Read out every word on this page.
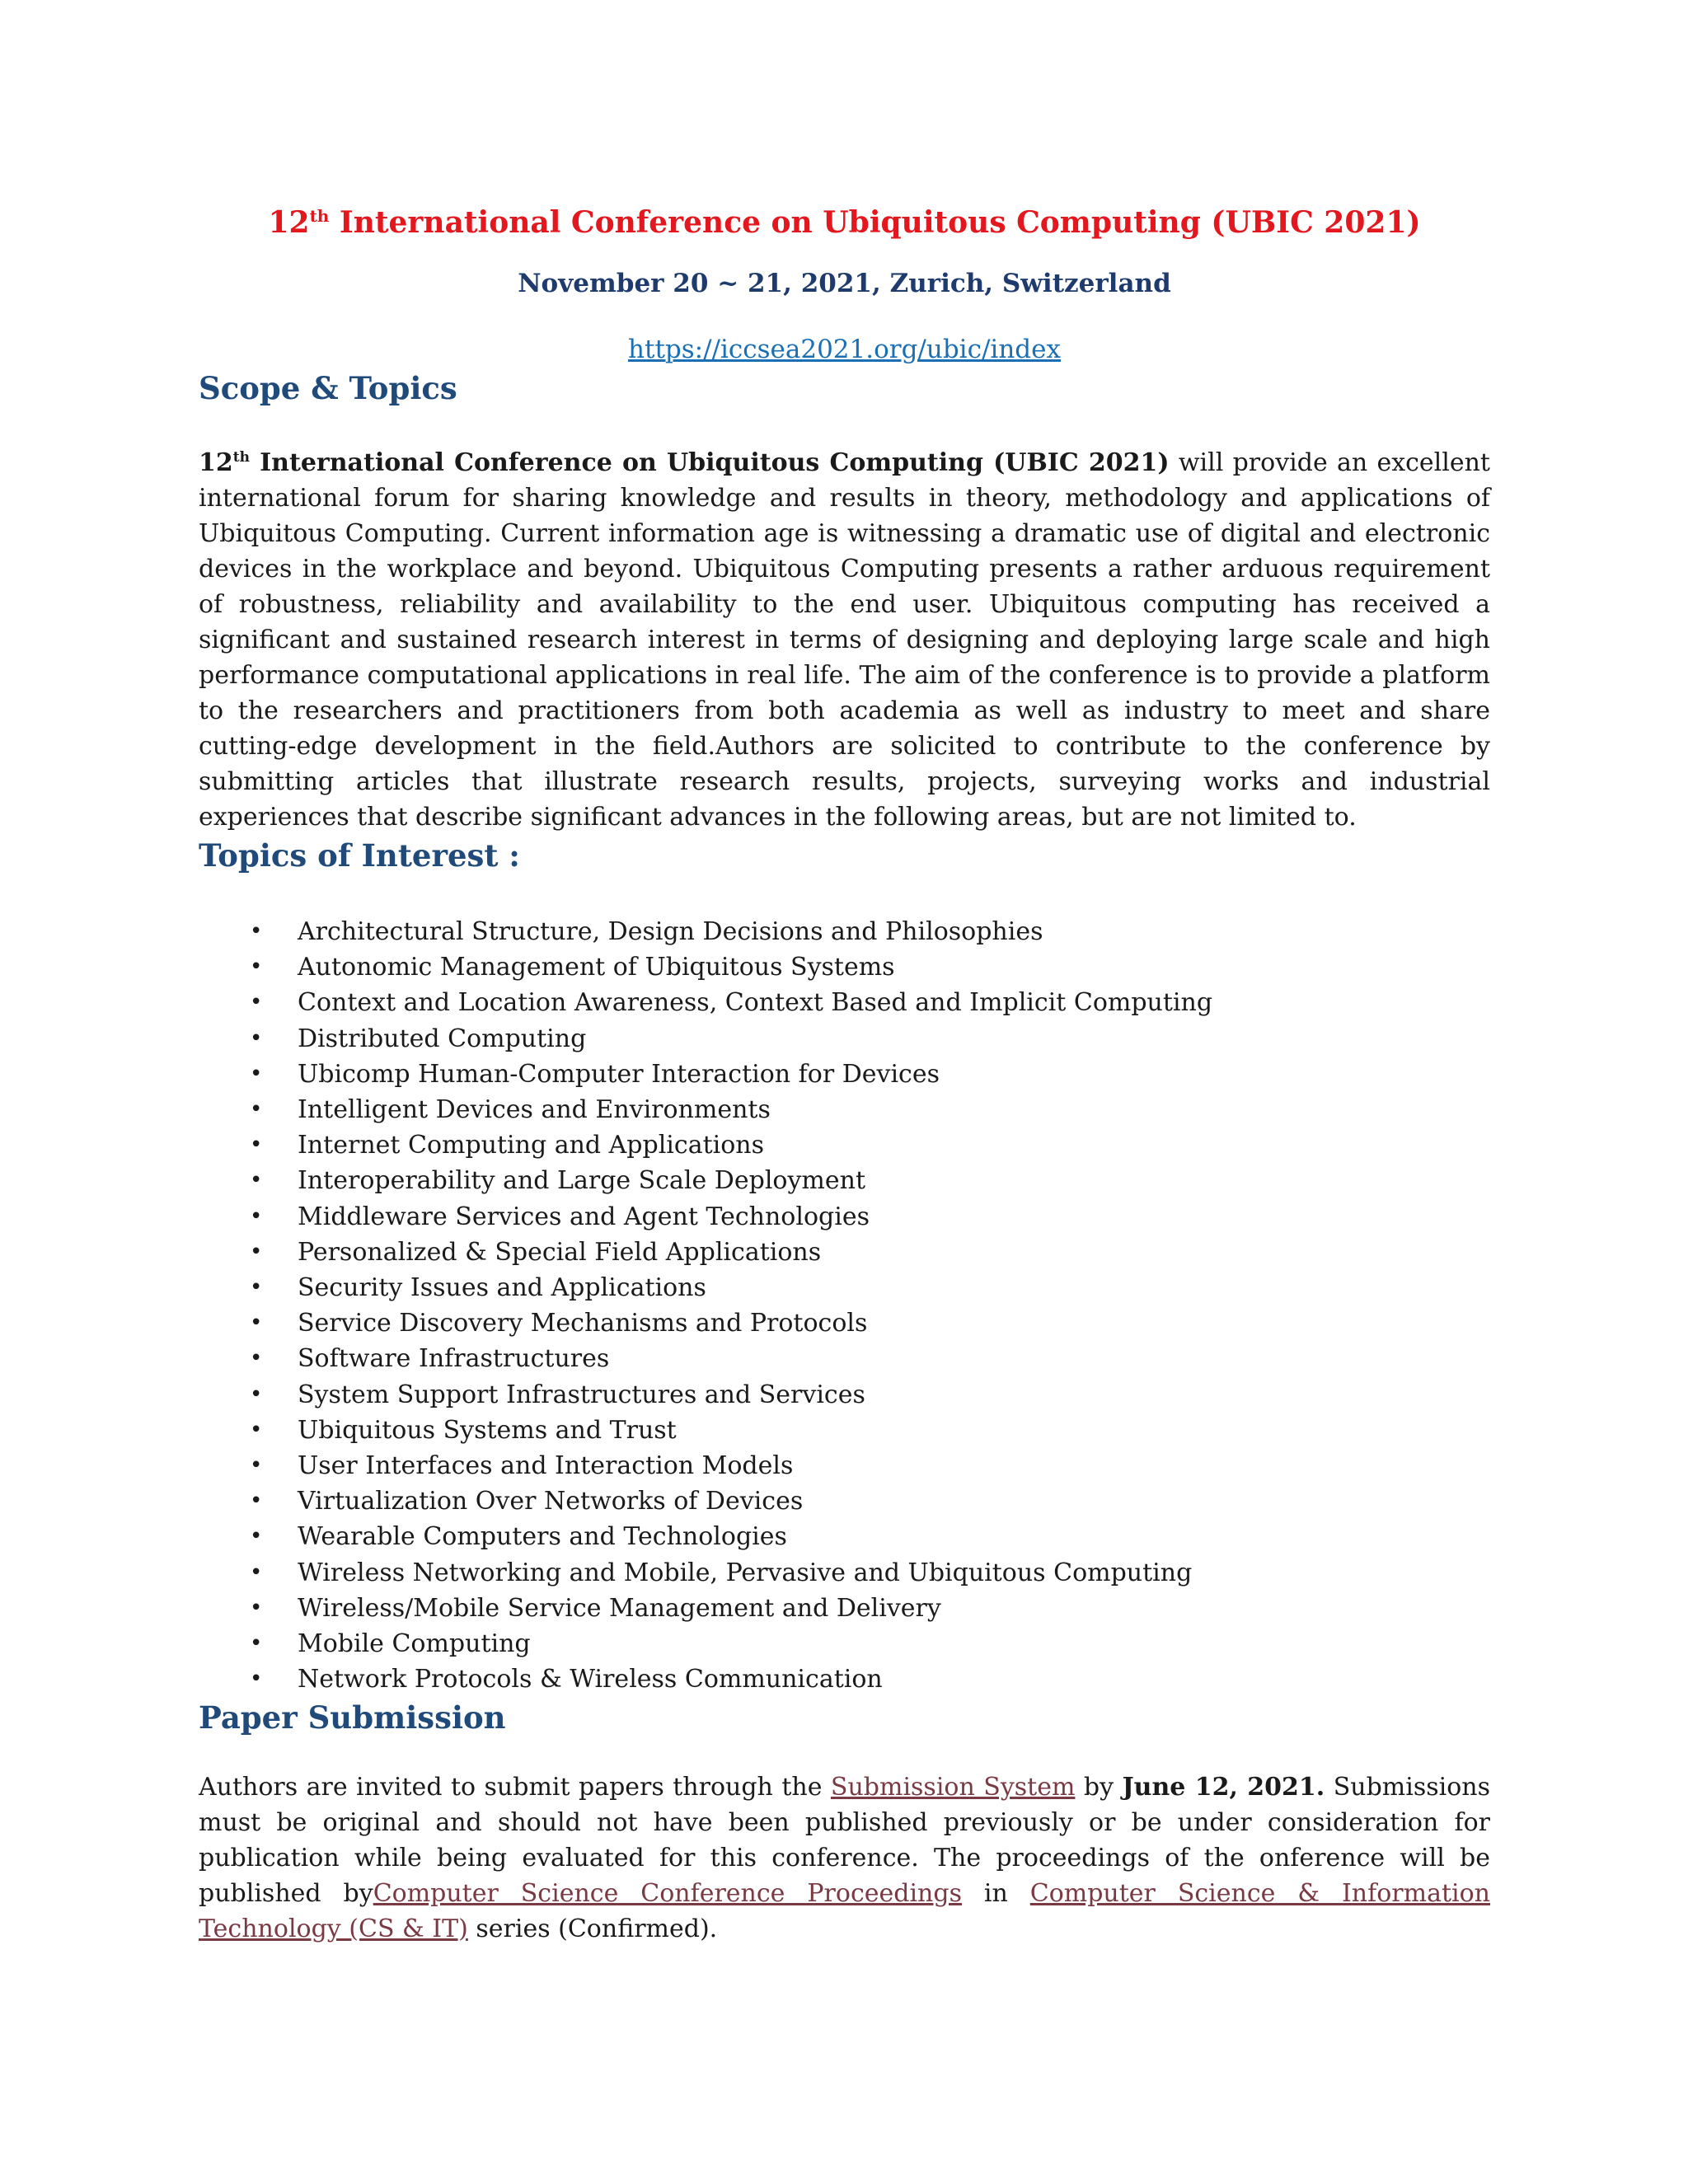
12th International Conference on Ubiquitous Computing (UBIC 2021)

November 20 ~ 21, 2021, Zurich, Switzerland

https://iccsea2021.org/ubic/index

Scope & Topics

12th International Conference on Ubiquitous Computing (UBIC 2021) will provide an excellent international forum for sharing knowledge and results in theory, methodology and applications of Ubiquitous Computing. Current information age is witnessing a dramatic use of digital and electronic devices in the workplace and beyond. Ubiquitous Computing presents a rather arduous requirement of robustness, reliability and availability to the end user. Ubiquitous computing has received a significant and sustained research interest in terms of designing and deploying large scale and high performance computational applications in real life. The aim of the conference is to provide a platform to the researchers and practitioners from both academia as well as industry to meet and share cutting-edge development in the field.Authors are solicited to contribute to the conference by submitting articles that illustrate research results, projects, surveying works and industrial experiences that describe significant advances in the following areas, but are not limited to.

Topics of Interest :
• Architectural Structure, Design Decisions and Philosophies
• Autonomic Management of Ubiquitous Systems
• Context and Location Awareness, Context Based and Implicit Computing
• Distributed Computing
• Ubicomp Human-Computer Interaction for Devices
• Intelligent Devices and Environments
• Internet Computing and Applications
• Interoperability and Large Scale Deployment
• Middleware Services and Agent Technologies
• Personalized & Special Field Applications
• Security Issues and Applications
• Service Discovery Mechanisms and Protocols
• Software Infrastructures
• System Support Infrastructures and Services
• Ubiquitous Systems and Trust
• User Interfaces and Interaction Models
• Virtualization Over Networks of Devices
• Wearable Computers and Technologies
• Wireless Networking and Mobile, Pervasive and Ubiquitous Computing
• Wireless/Mobile Service Management and Delivery
• Mobile Computing
• Network Protocols & Wireless Communication
Paper Submission

Authors are invited to submit papers through the Submission System by June 12, 2021. Submissions must be original and should not have been published previously or be under consideration for publication while being evaluated for this conference. The proceedings of the onference will be published byComputer Science Conference Proceedings in Computer Science & Information Technology (CS & IT) series (Confirmed).
